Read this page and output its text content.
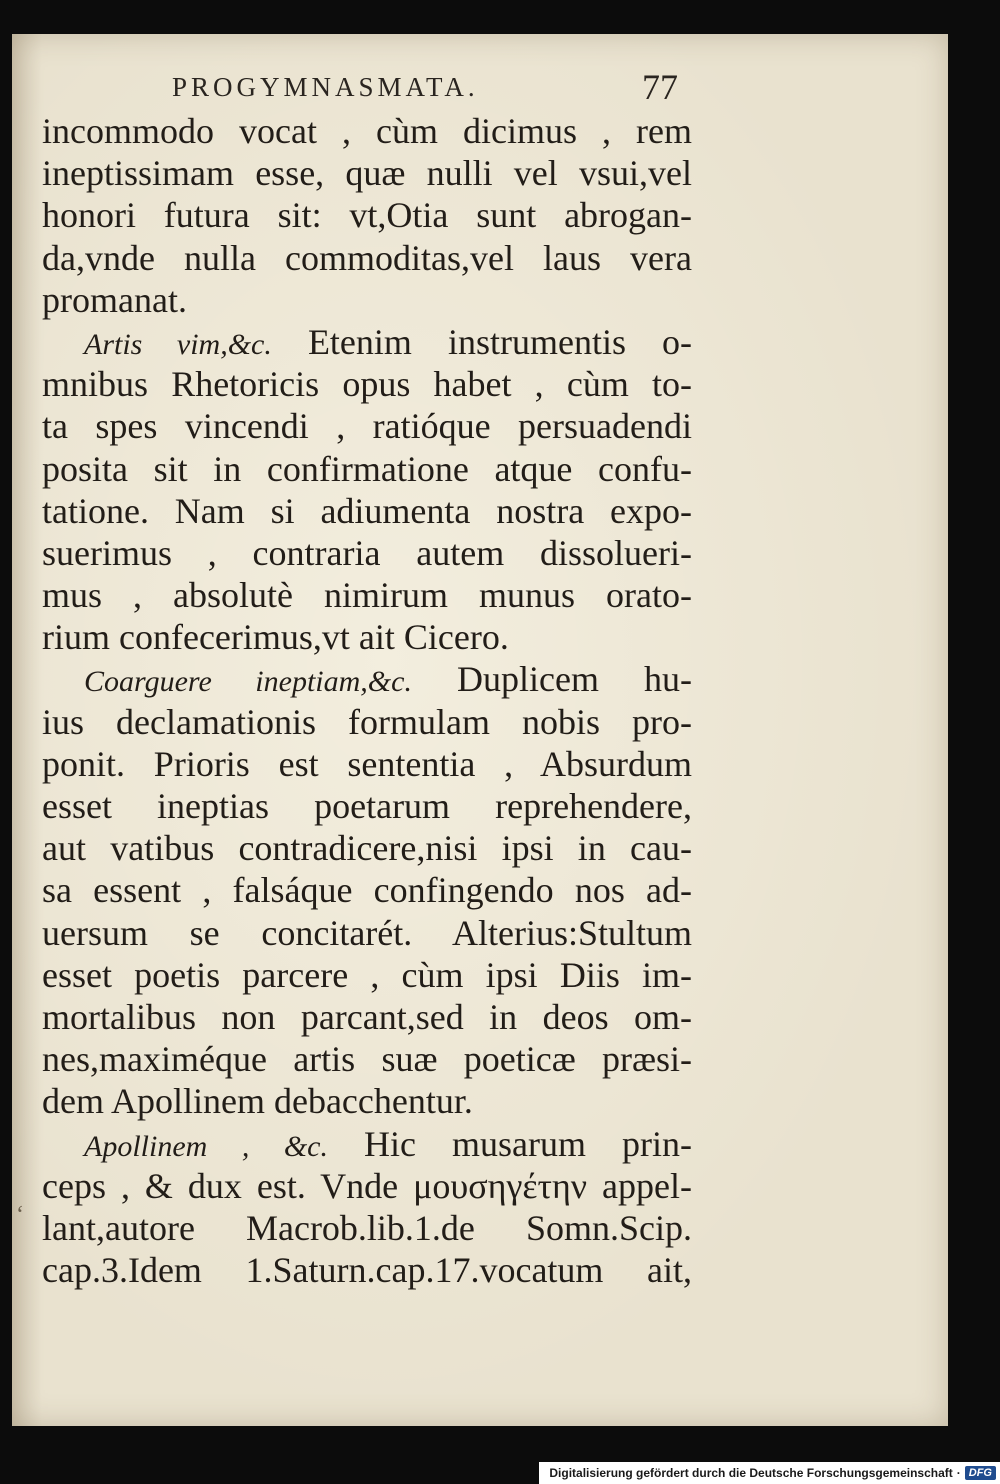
PROGYMNASMATA.	77
incommodo vocat , cùm dicimus , rem
ineptissimam esse, quæ nulli vel vsui,vel
honori futura sit: vt,Otia sunt abrogan-
da,vnde nulla commoditas,vel laus vera
promanat.
Artis vim,&c. Etenim instrumentis o-
mnibus Rhetoricis opus habet , cùm to-
ta spes vincendi , ratióque persuadendi
posita sit in confirmatione atque confu-
tatione. Nam si adiumenta nostra expo-
suerimus , contraria autem dissolueri-
mus , absolutè nimirum munus orato-
rium confecerimus,vt ait Cicero.
Coarguere ineptiam,&c. Duplicem hu-
ius declamationis formulam nobis pro-
ponit. Prioris est sententia , Absurdum
esset ineptias poetarum reprehendere,
aut vatibus contradicere,nisi ipsi in cau-
sa essent , falsáque confingendo nos ad-
uersum se concitarét. Alterius:Stultum
esset poetis parcere , cùm ipsi Diis im-
mortalibus non parcant,sed in deos om-
nes,maximéque artis suæ poeticæ præsi-
dem Apollinem debacchentur.
Apollinem , &c. Hic musarum prin-
ceps , & dux est. Vnde μουσηγέτην appel-
lant,autore Macrob.lib.1.de Somn.Scip.
cap.3.Idem 1.Saturn.cap.17.vocatum ait,
ʻ
Digitalisierung gefördert durch die Deutsche Forschungsgemeinschaft · DFG
